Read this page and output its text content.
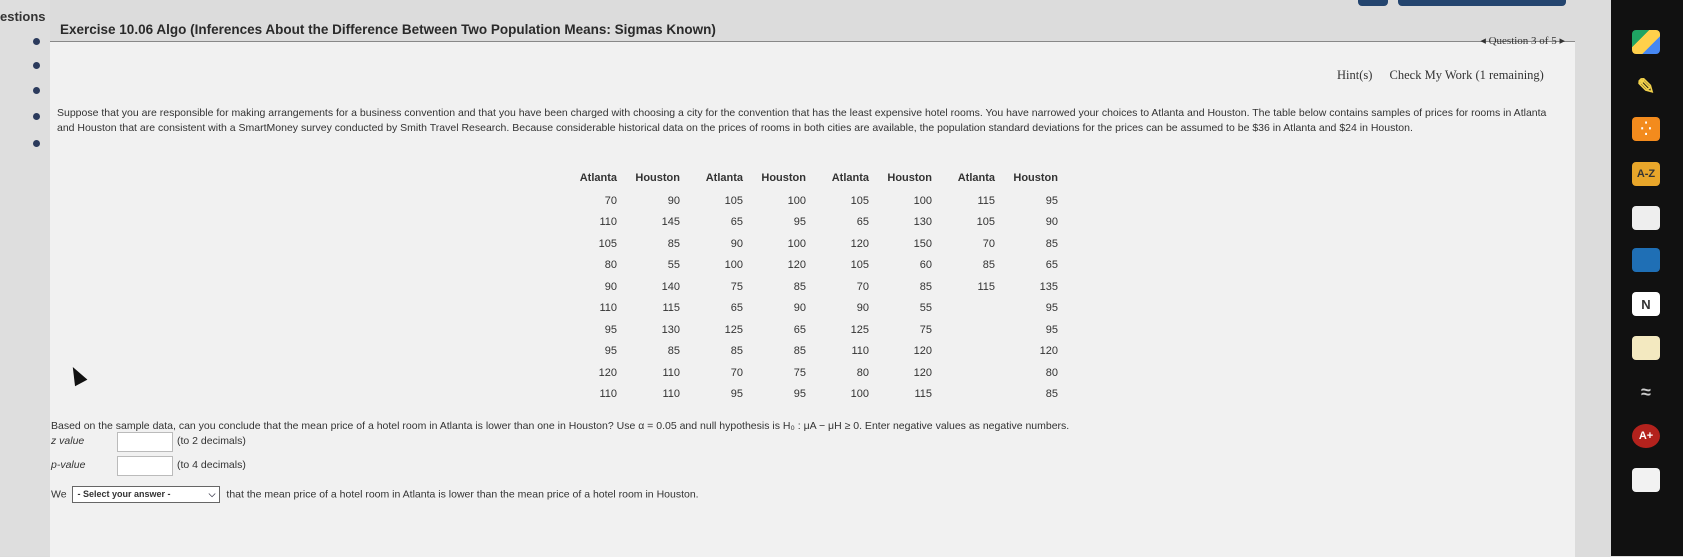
estions
Exercise 10.06 Algo (Inferences About the Difference Between Two Population Means: Sigmas Known)
◂ Question 3 of 5 ▸
Hint(s) Check My Work (1 remaining)
Suppose that you are responsible for making arrangements for a business convention and that you have been charged with choosing a city for the convention that has the least expensive hotel rooms. You have narrowed your choices to Atlanta and Houston. The table below contains samples of prices for rooms in Atlanta and Houston that are consistent with a SmartMoney survey conducted by Smith Travel Research. Because considerable historical data on the prices of rooms in both cities are available, the population standard deviations for the prices can be assumed to be $36 in Atlanta and $24 in Houston.
Atlanta	Houston	Atlanta	Houston	Atlanta	Houston	Atlanta	Houston
70	90	105	100	105	100	115	95
110	145	65	95	65	130	105	90
105	85	90	100	120	150	70	85
80	55	100	120	105	60	85	65
90	140	75	85	70	85	115	135
110	115	65	90	90	55		95
95	130	125	65	125	75		95
95	85	85	85	110	120		120
120	110	70	75	80	120		80
110	110	95	95	100	115		85
Based on the sample data, can you conclude that the mean price of a hotel room in Atlanta is lower than one in Houston? Use α = 0.05 and null hypothesis is H₀ : μA − μH ≥ 0. Enter negative values as negative numbers.
z value	(to 2 decimals)
p-value	(to 4 decimals)
We - Select your answer -	⌵ that the mean price of a hotel room in Atlanta is lower than the mean price of a hotel room in Houston.
✎
⁛
A-Z
N
≈
A+
